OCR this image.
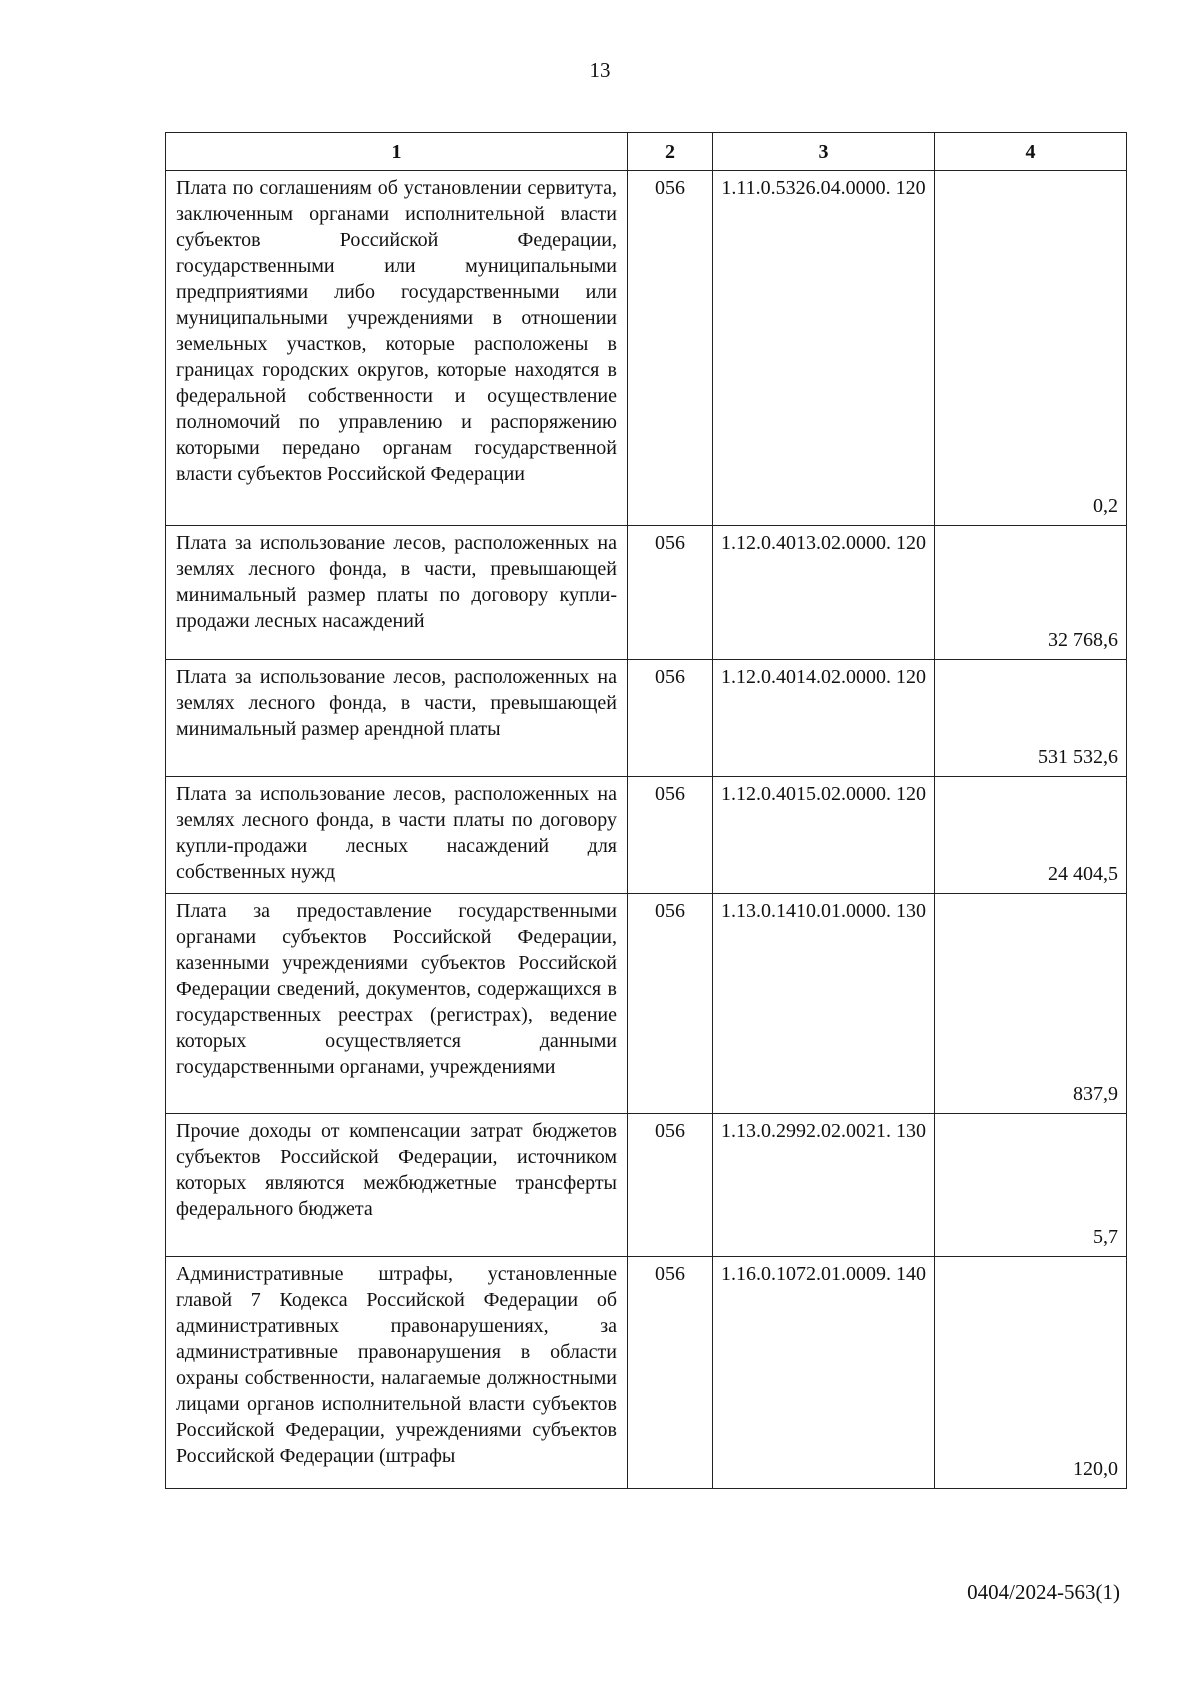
13
1	2	3	4
Плата по соглашениям об установлении сервитута, заключенным органами исполнительной власти субъектов Российской Федерации, государственными или муниципальными предприятиями либо государственными или муниципальными учреждениями в отношении земельных участков, которые расположены в границах городских округов, которые находятся в федеральной собственности и осуществление полномочий по управлению и распоряжению которыми передано органам государственной власти субъектов Российской Федерации	056	1.11.0.5326.04.0000. 120	0,2
Плата за использование лесов, расположенных на землях лесного фонда, в части, превышающей минимальный размер платы по договору купли-продажи лесных насаждений	056	1.12.0.4013.02.0000. 120	32 768,6
Плата за использование лесов, расположенных на землях лесного фонда, в части, превышающей минимальный размер арендной платы	056	1.12.0.4014.02.0000. 120	531 532,6
Плата за использование лесов, расположенных на землях лесного фонда, в части платы по договору купли-продажи лесных насаждений для собственных нужд	056	1.12.0.4015.02.0000. 120	24 404,5
Плата за предоставление государственными органами субъектов Российской Федерации, казенными учреждениями субъектов Российской Федерации сведений, документов, содержащихся в государственных реестрах (регистрах), ведение которых осуществляется данными государственными органами, учреждениями	056	1.13.0.1410.01.0000. 130	837,9
Прочие доходы от компенсации затрат бюджетов субъектов Российской Федерации, источником которых являются межбюджетные трансферты федерального бюджета	056	1.13.0.2992.02.0021. 130	5,7
Административные штрафы, установленные главой 7 Кодекса Российской Федерации об административных правонарушениях, за административные правонарушения в области охраны собственности, налагаемые должностными лицами органов исполнительной власти субъектов Российской Федерации, учреждениями субъектов Российской Федерации (штрафы	056	1.16.0.1072.01.0009. 140	120,0
0404/2024-563(1)
